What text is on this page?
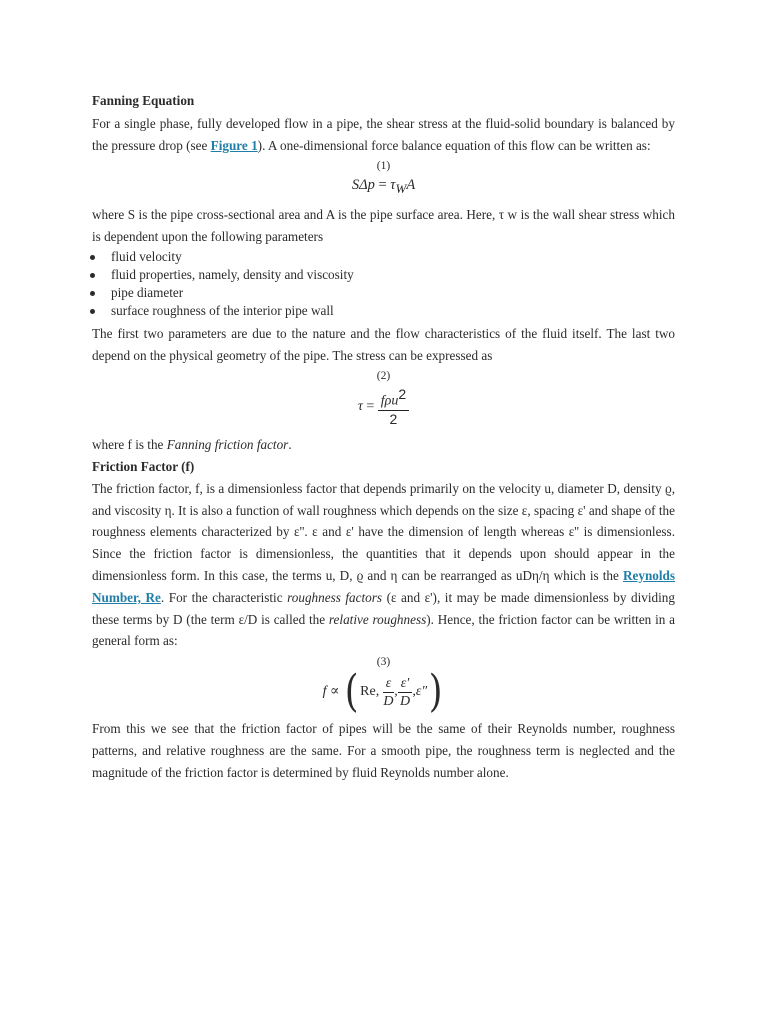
Fanning Equation

For a single phase, fully developed flow in a pipe, the shear stress at the fluid-solid boundary is balanced by the pressure drop (see Figure 1). A one-dimensional force balance equation of this flow can be written as:

(1)
$S\Delta p = \tau_WA$

where S is the pipe cross-sectional area and A is the pipe surface area. Here, τ w is the wall shear stress which is dependent upon the following parameters

fluid velocity
fluid properties, namely, density and viscosity
pipe diameter
surface roughness of the interior pipe wall

The first two parameters are due to the nature and the flow characteristics of the fluid itself. The last two depend on the physical geometry of the pipe. The stress can be expressed as

(2)
$\tau = \frac{f\rho u^2}{2}$

where f is the Fanning friction factor.

Friction Factor (f)

The friction factor, f, is a dimensionless factor that depends primarily on the velocity u, diameter D, density ϱ, and viscosity η. It is also a function of wall roughness which depends on the size ε, spacing ε' and shape of the roughness elements characterized by ε''. ε and ε' have the dimension of length whereas ε'' is dimensionless. Since the friction factor is dimensionless, the quantities that it depends upon should appear in the dimensionless form. In this case, the terms u, D, ϱ and η can be rearranged as uDη/η which is the Reynolds Number, Re. For the characteristic roughness factors (ε and ε'), it may be made dimensionless by dividing these terms by D (the term ε/D is called the relative roughness). Hence, the friction factor can be written in a general form as:

(3)
f ∝ ( Re, $\frac{\varepsilon}{D}$ , $\frac{\varepsilon'}{D} ,\varepsilon''$)

From this we see that the friction factor of pipes will be the same of their Reynolds number, roughness patterns, and relative roughness are the same. For a smooth pipe, the roughness term is neglected and the magnitude of the friction factor is determined by fluid Reynolds number alone.
